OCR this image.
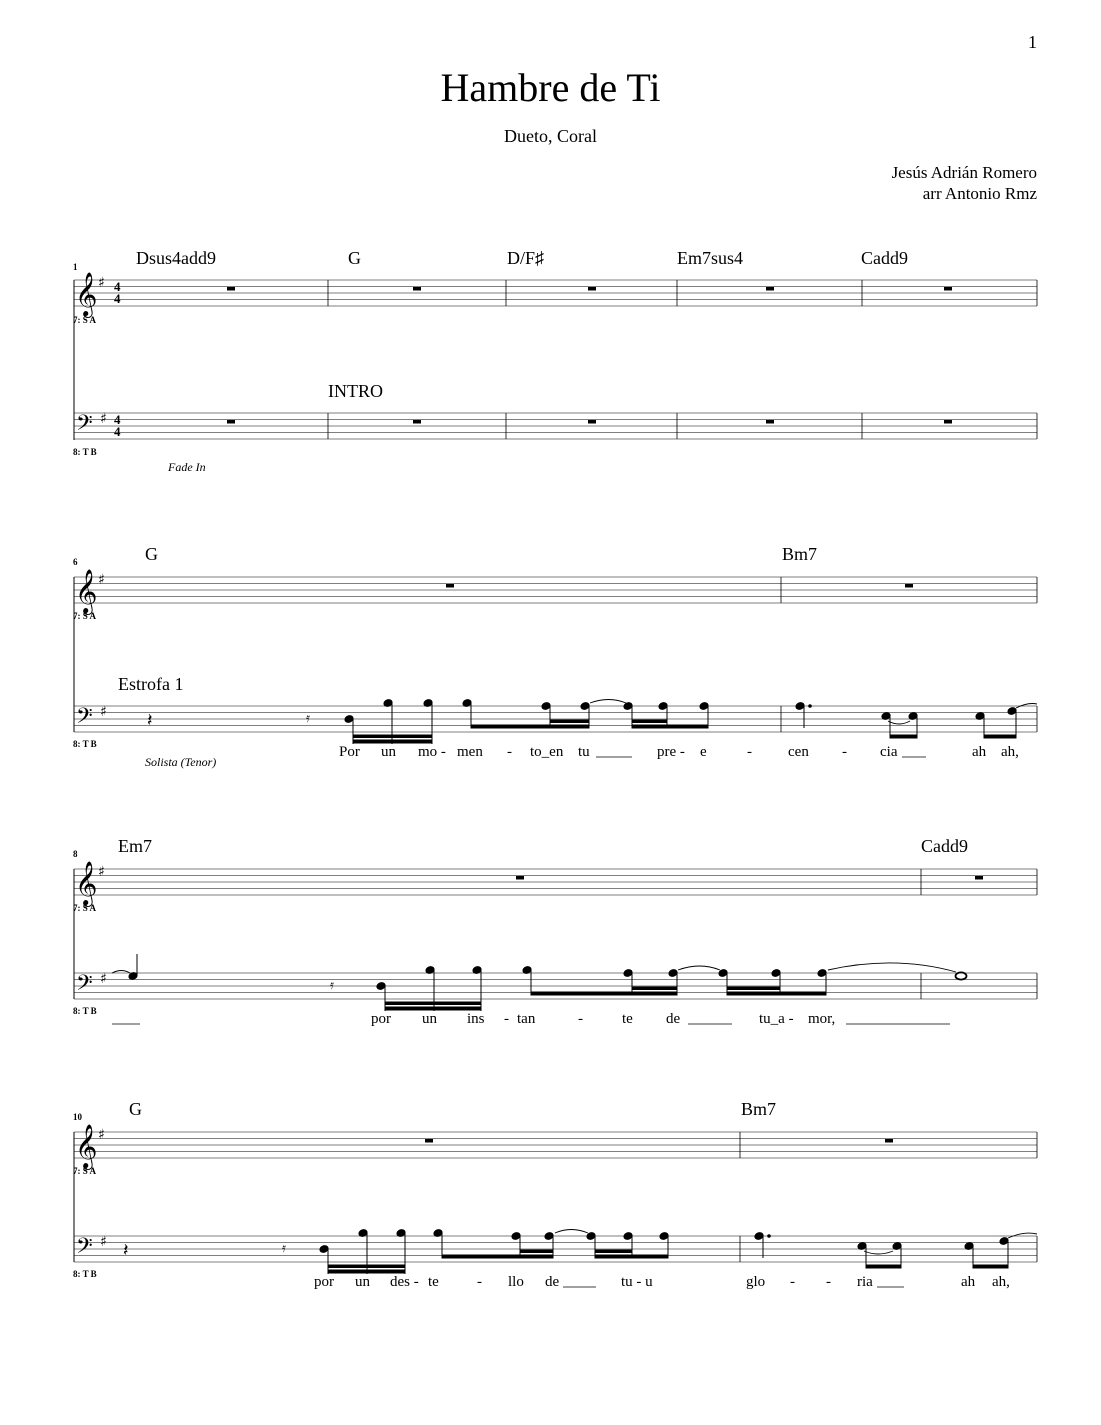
1
Hambre de Ti
Dueto, Coral
Jesús Adrián Romero
arr Antonio Rmz
1	Dsus4add9	G	D/F♯	Em7sus4	Cadd9
𝄞 ♯ 4
4
7: S A
INTRO
𝄢 ♯ 4
4
8: T B
Fade In
6	G	Bm7
𝄞 ♯
7: S A
Estrofa 1
𝄢 ♯ 𝄽	𝄿
8: T B
Solista (Tenor)
Por un mo - men - to_en tu	pre - e	- cen - cia	ah ah,
8 Em7	Cadd9
𝄞 ♯
7: S A
𝄢 ♯	𝄿
8: T B	por un ins - tan	-	te de	tu_a - mor,
10	G	Bm7
𝄞 ♯
7: S A
𝄢 ♯ 𝄽	𝄿
8: T B	por un des - te	- llo de	tu - u	glo - - ria	ah ah,
